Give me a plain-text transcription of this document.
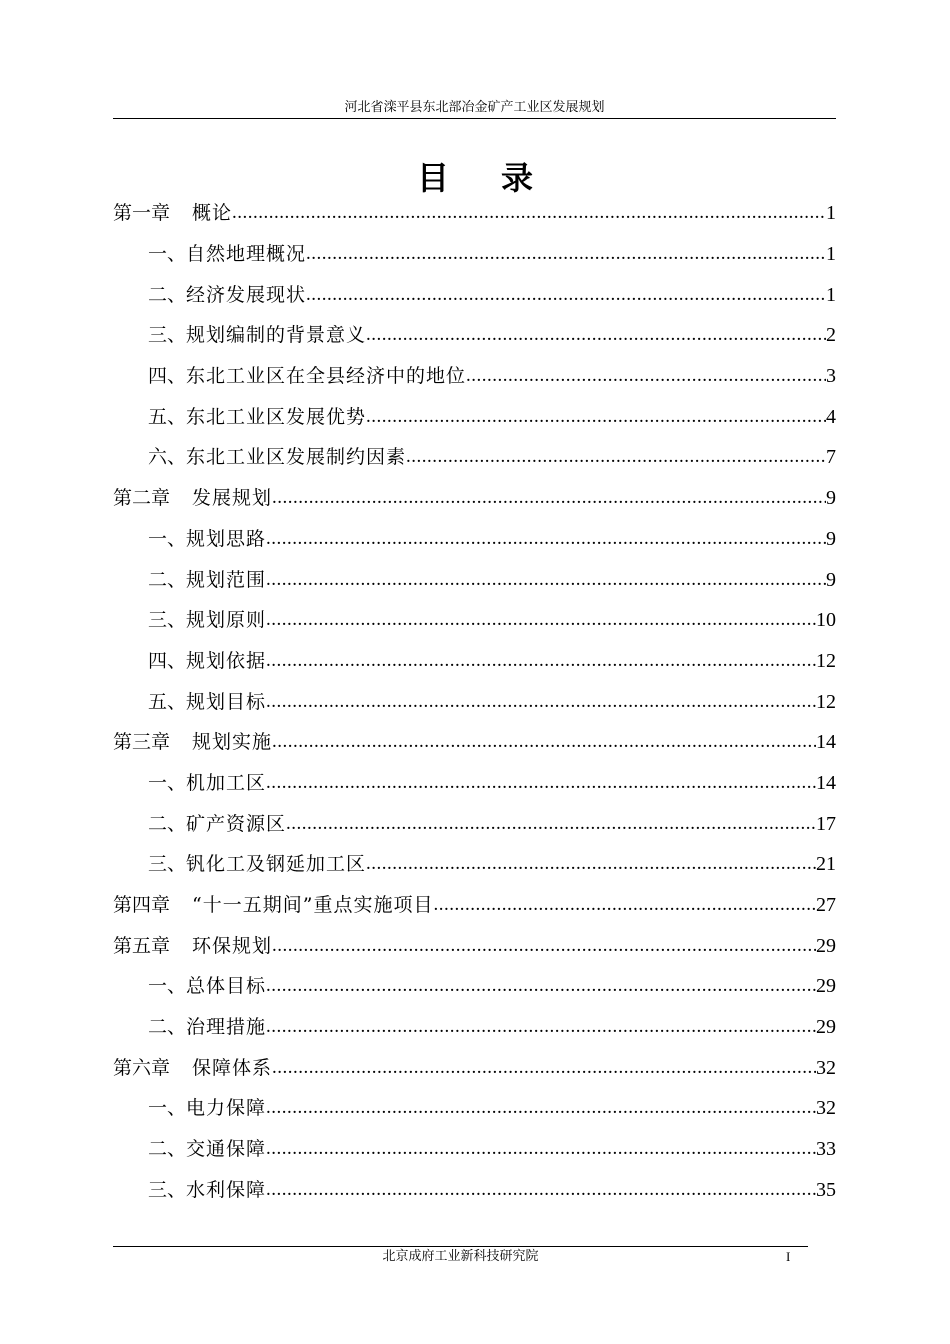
河北省滦平县东北部冶金矿产工业区发展规划
目录
第一章 概论 .....	1
一、 自然地理概况 .....	1
二、 经济发展现状 .....	1
三、 规划编制的背景意义 .....	2
四、 东北工业区在全县经济中的地位 .....	3
五、 东北工业区发展优势 .....	4
六、 东北工业区发展制约因素 .....	7
第二章 发展规划 .....	9
一、 规划思路 .....	9
二、 规划范围 .....	9
三、 规划原则 .....	10
四、 规划依据 .....	12
五、 规划目标 .....	12
第三章 规划实施 .....	14
一、 机加工区 .....	14
二、 矿产资源区 .....	17
三、 钒化工及钢延加工区 .....	21
第四章 “十一五期间”重点实施项目 .....	27
第五章 环保规划 .....	29
一、 总体目标 .....	29
二、 治理措施 .....	29
第六章 保障体系 .....	32
一、 电力保障 .....	32
二、 交通保障 .....	33
三、 水利保障 .....	35
北京成府工业新科技研究院	I
